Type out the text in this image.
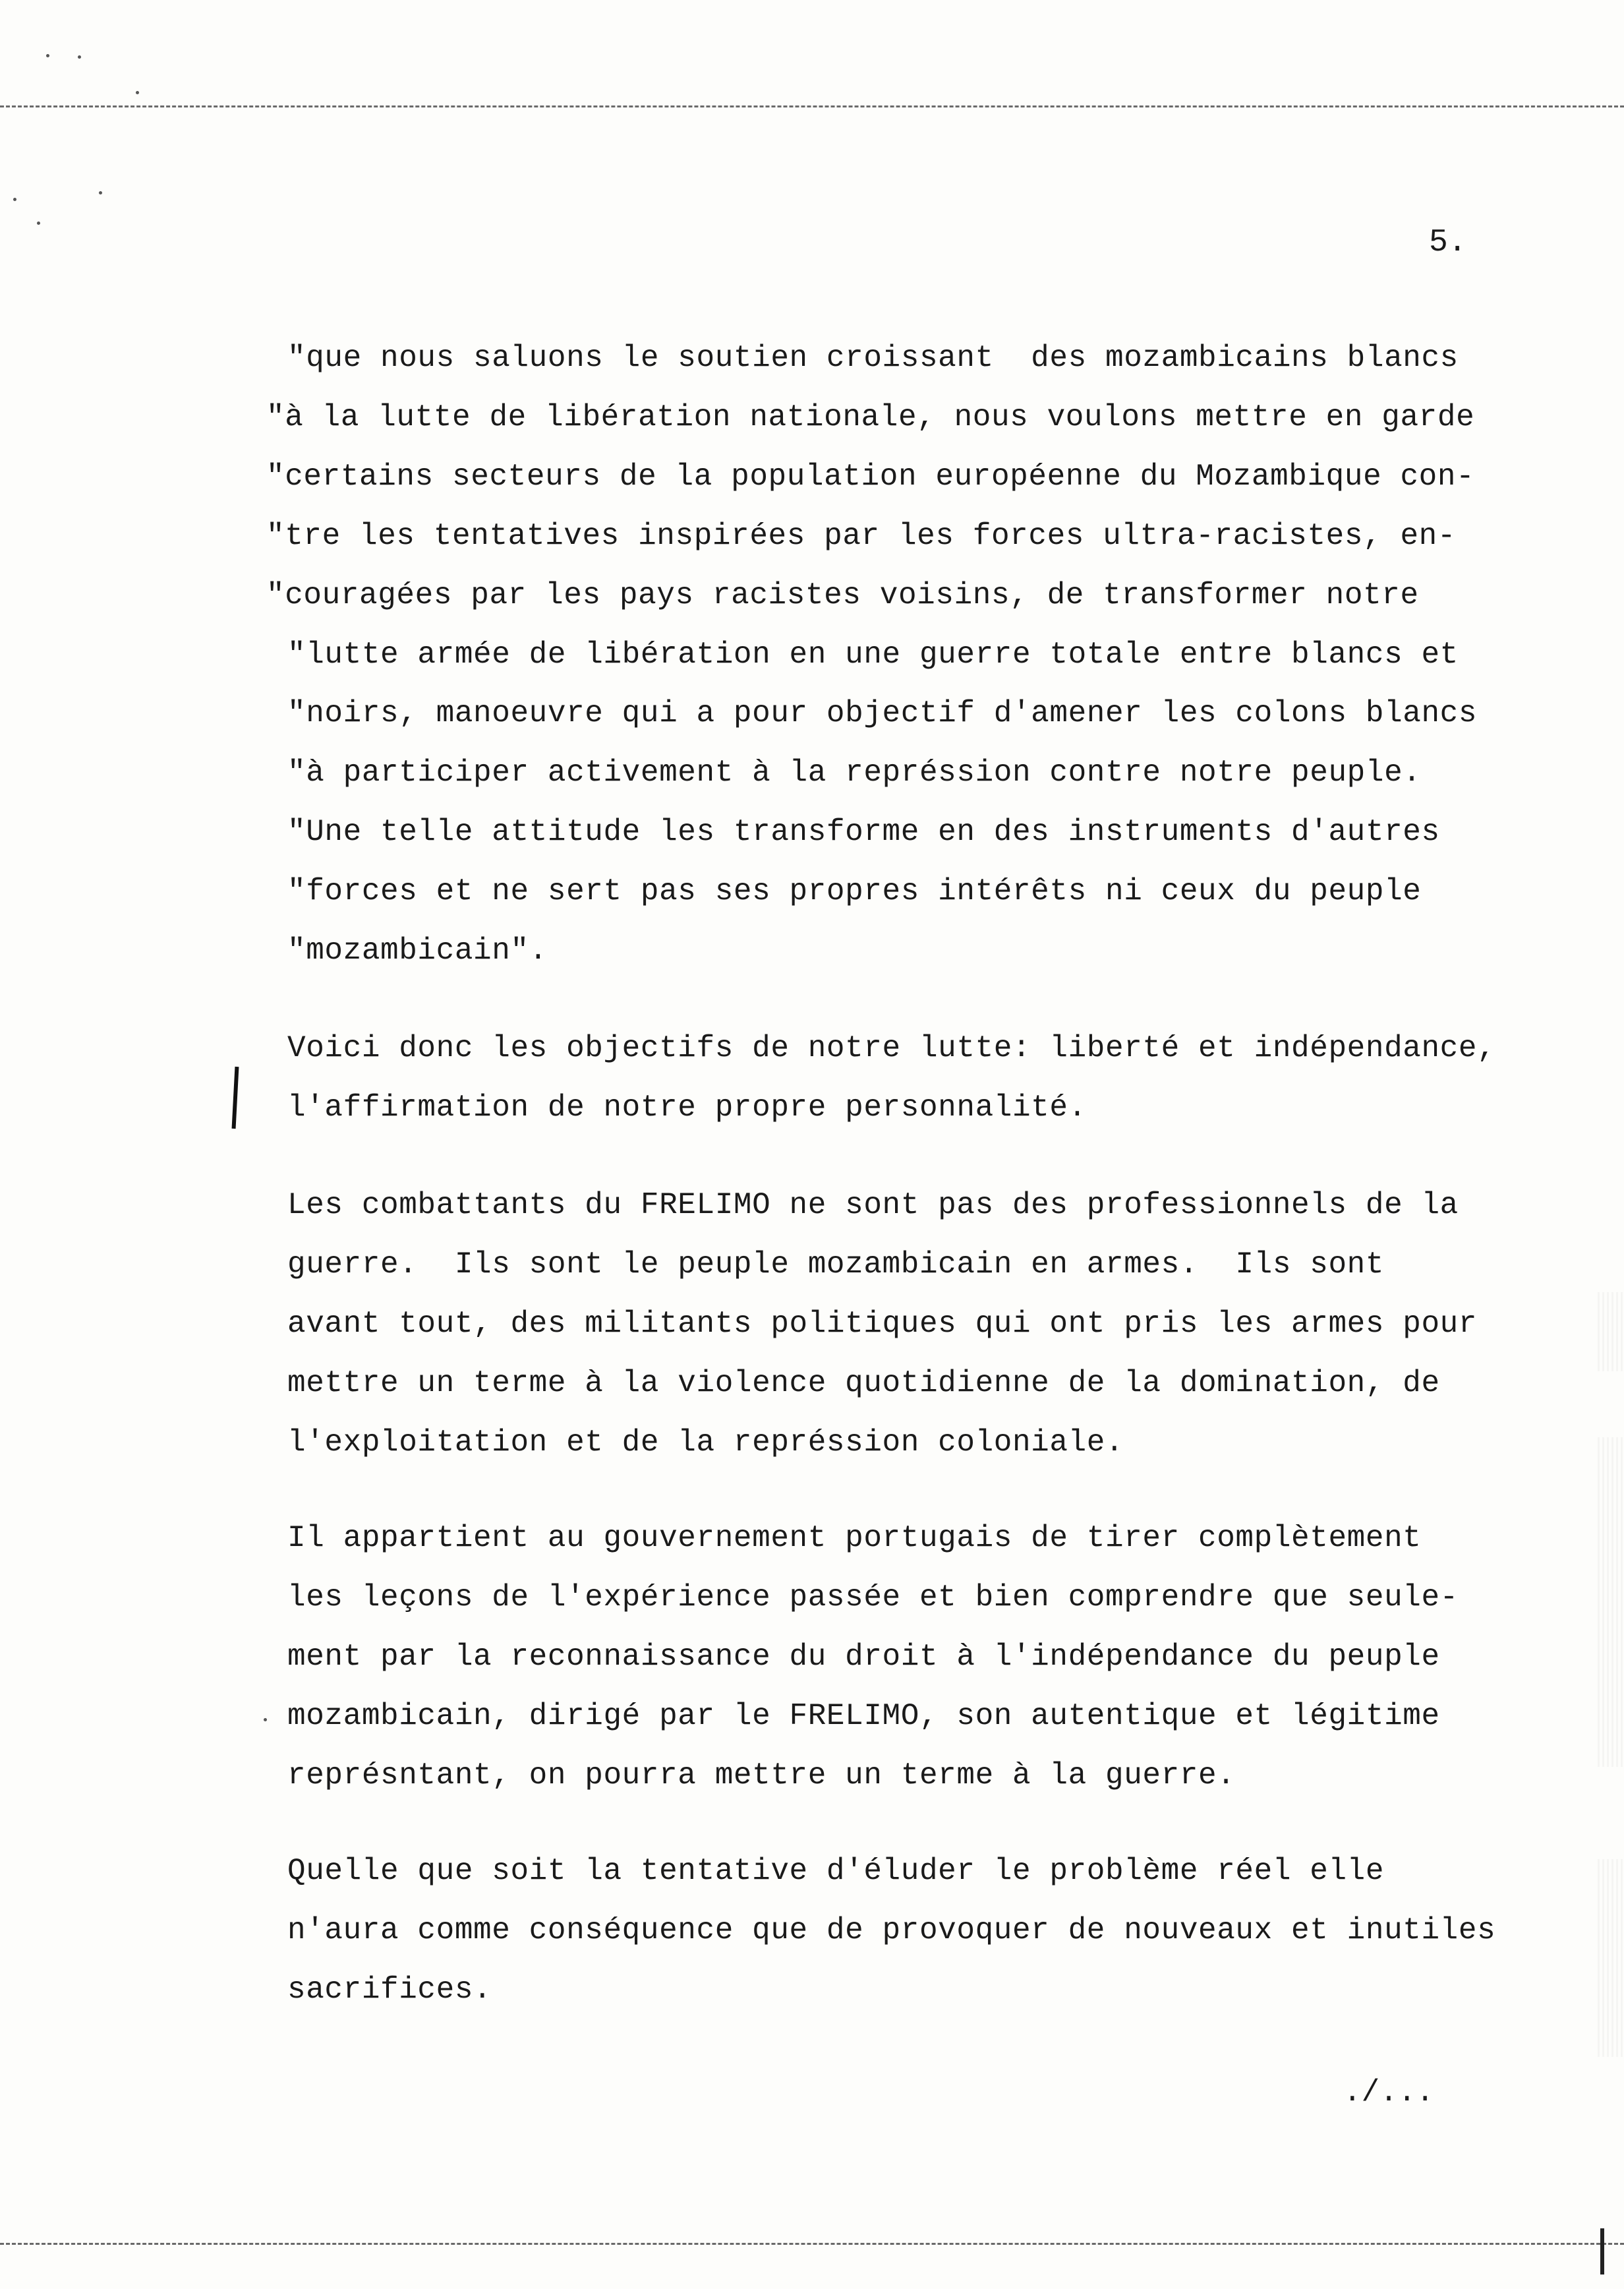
5.
"que nous saluons le soutien croissant  des mozambicains blancs
"à la lutte de libération nationale, nous voulons mettre en garde
"certains secteurs de la population européenne du Mozambique con-
"tre les tentatives inspirées par les forces ultra-racistes, en-
"couragées par les pays racistes voisins, de transformer notre
"lutte armée de libération en une guerre totale entre blancs et
"noirs, manoeuvre qui a pour objectif d'amener les colons blancs
"à participer activement à la représsion contre notre peuple.
"Une telle attitude les transforme en des instruments d'autres
"forces et ne sert pas ses propres intérêts ni ceux du peuple
"mozambicain".
Voici donc les objectifs de notre lutte: liberté et indépendance,
l'affirmation de notre propre personnalité.
Les combattants du FRELIMO ne sont pas des professionnels de la
guerre.  Ils sont le peuple mozambicain en armes.  Ils sont
avant tout, des militants politiques qui ont pris les armes pour
mettre un terme à la violence quotidienne de la domination, de
l'exploitation et de la représsion coloniale.
Il appartient au gouvernement portugais de tirer complètement
les leçons de l'expérience passée et bien comprendre que seule-
ment par la reconnaissance du droit à l'indépendance du peuple
mozambicain, dirigé par le FRELIMO, son autentique et légitime
représntant, on pourra mettre un terme à la guerre.
Quelle que soit la tentative d'éluder le problème réel elle
n'aura comme conséquence que de provoquer de nouveaux et inutiles
sacrifices.
./...
